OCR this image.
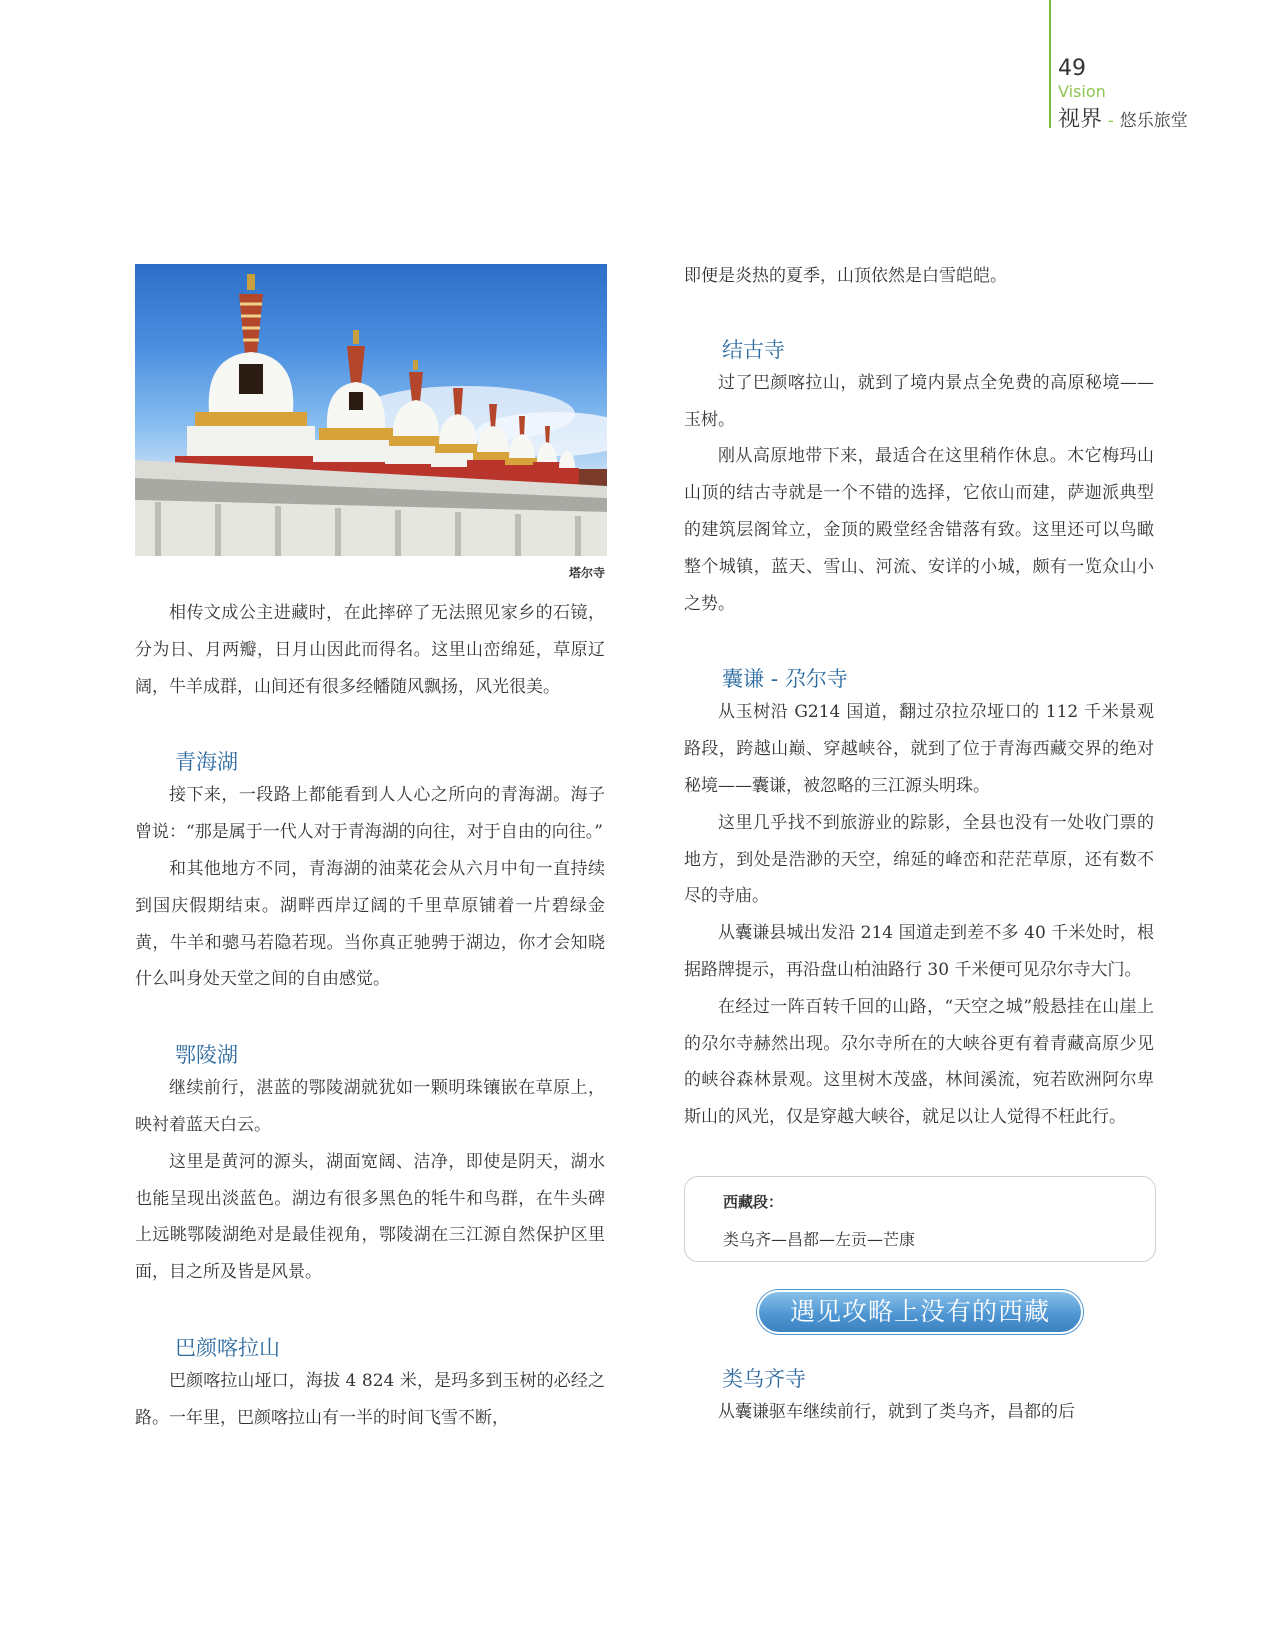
49
Vision
视界 - 悠乐旅堂
塔尔寺

相传文成公主进藏时，在此摔碎了无法照见家乡的石镜，分为日、月两瓣，日月山因此而得名。这里山峦绵延，草原辽阔，牛羊成群，山间还有很多经幡随风飘扬，风光很美。

青海湖

接下来，一段路上都能看到人人心之所向的青海湖。海子曾说：“那是属于一代人对于青海湖的向往，对于自由的向往。”

和其他地方不同，青海湖的油菜花会从六月中旬一直持续到国庆假期结束。湖畔西岸辽阔的千里草原铺着一片碧绿金黄，牛羊和骢马若隐若现。当你真正驰骋于湖边，你才会知晓什么叫身处天堂之间的自由感觉。

鄂陵湖

继续前行，湛蓝的鄂陵湖就犹如一颗明珠镶嵌在草原上，映衬着蓝天白云。

这里是黄河的源头，湖面宽阔、洁净，即使是阴天，湖水也能呈现出淡蓝色。湖边有很多黑色的牦牛和鸟群，在牛头碑上远眺鄂陵湖绝对是最佳视角，鄂陵湖在三江源自然保护区里面，目之所及皆是风景。

巴颜喀拉山

巴颜喀拉山垭口，海拔 4 824 米，是玛多到玉树的必经之路。一年里，巴颜喀拉山有一半的时间飞雪不断，

即便是炎热的夏季，山顶依然是白雪皑皑。

结古寺

过了巴颜喀拉山，就到了境内景点全免费的高原秘境——玉树。

刚从高原地带下来，最适合在这里稍作休息。木它梅玛山山顶的结古寺就是一个不错的选择，它依山而建，萨迦派典型的建筑层阁耸立，金顶的殿堂经舍错落有致。这里还可以鸟瞰整个城镇，蓝天、雪山、河流、安详的小城，颇有一览众山小之势。

囊谦 - 尕尔寺

从玉树沿 G214 国道，翻过尕拉尕垭口的 112 千米景观路段，跨越山巅、穿越峡谷，就到了位于青海西藏交界的绝对秘境——囊谦，被忽略的三江源头明珠。

这里几乎找不到旅游业的踪影，全县也没有一处收门票的地方，到处是浩渺的天空，绵延的峰峦和茫茫草原，还有数不尽的寺庙。

从囊谦县城出发沿 214 国道走到差不多 40 千米处时，根据路牌提示，再沿盘山柏油路行 30 千米便可见尕尔寺大门。

在经过一阵百转千回的山路，“天空之城”般悬挂在山崖上的尕尔寺赫然出现。尕尔寺所在的大峡谷更有着青藏高原少见的峡谷森林景观。这里树木茂盛，林间溪流，宛若欧洲阿尔卑斯山的风光，仅是穿越大峡谷，就足以让人觉得不枉此行。

西藏段：
类乌齐—昌都—左贡—芒康
遇见攻略上没有的西藏
类乌齐寺

从囊谦驱车继续前行，就到了类乌齐，昌都的后
